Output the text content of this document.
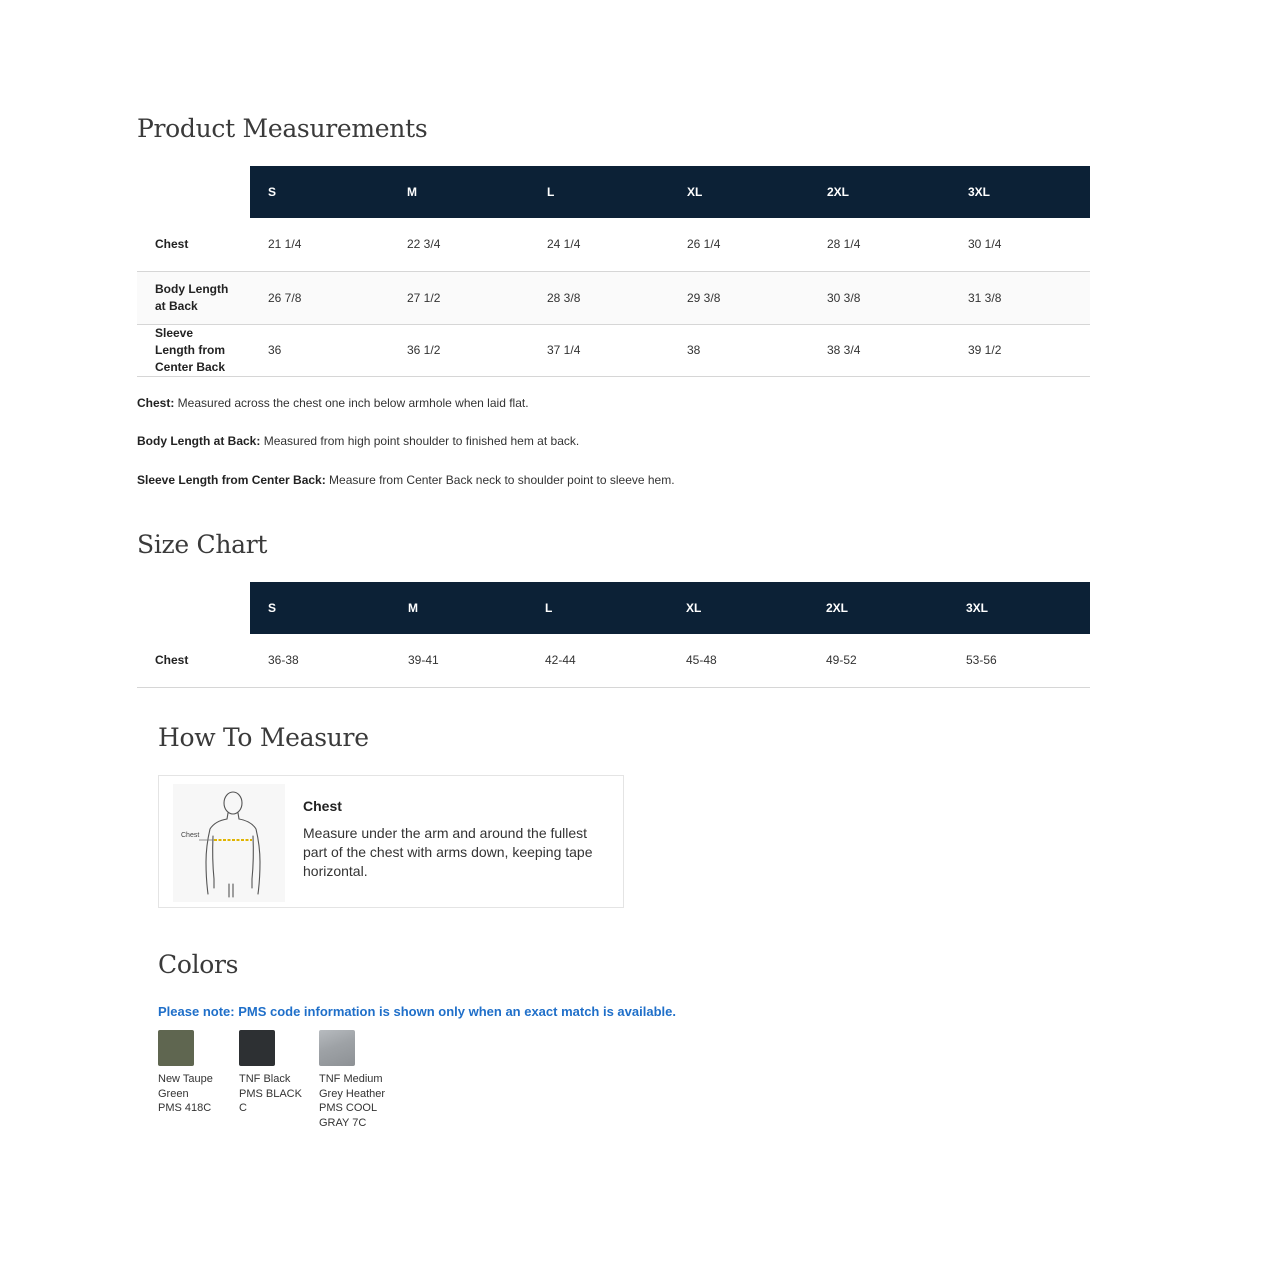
Product Measurements
	S	M	L	XL	2XL	3XL
Chest	21 1/4	22 3/4	24 1/4	26 1/4	28 1/4	30 1/4
Body Length at Back	26 7/8	27 1/2	28 3/8	29 3/8	30 3/8	31 3/8
Sleeve Length from Center Back	36	36 1/2	37 1/4	38	38 3/4	39 1/2

Chest: Measured across the chest one inch below armhole when laid flat.

Body Length at Back: Measured from high point shoulder to finished hem at back.

Sleeve Length from Center Back: Measure from Center Back neck to shoulder point to sleeve hem.

Size Chart
	S	M	L	XL	2XL	3XL
Chest	36-38	39-41	42-44	45-48	49-52	53-56
How To Measure
Chest
Chest
Measure under the arm and around the fullest part of the chest with arms down, keeping tape horizontal.
Colors

Please note: PMS code information is shown only when an exact match is available.

New Taupe
Green
PMS 418C
TNF Black
PMS BLACK
C
TNF Medium
Grey Heather
PMS COOL
GRAY 7C
